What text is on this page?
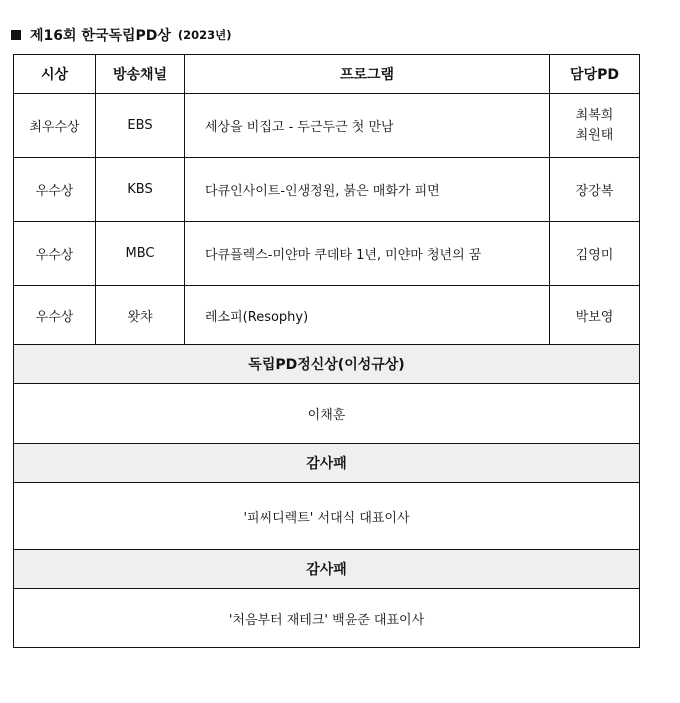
제16회 한국독립PD상 (2023년)
시상	방송채널	프로그램	담당PD
최우수상	EBS	세상을 비집고 - 두근두근 첫 만남	최복희
최원태

우수상	KBS	다큐인사이트-인생정원, 붉은 매화가 피면	장강복
우수상	MBC	다큐플렉스-미얀마 쿠데타 1년, 미얀마 청년의 꿈	김영미
우수상	왓챠	레소피(Resophy)	박보영
독립PD정신상(이성규상)			
이채훈			
감사패			
'피씨디렉트' 서대식 대표이사			
감사패			
'처음부터 재테크' 백윤준 대표이사			
